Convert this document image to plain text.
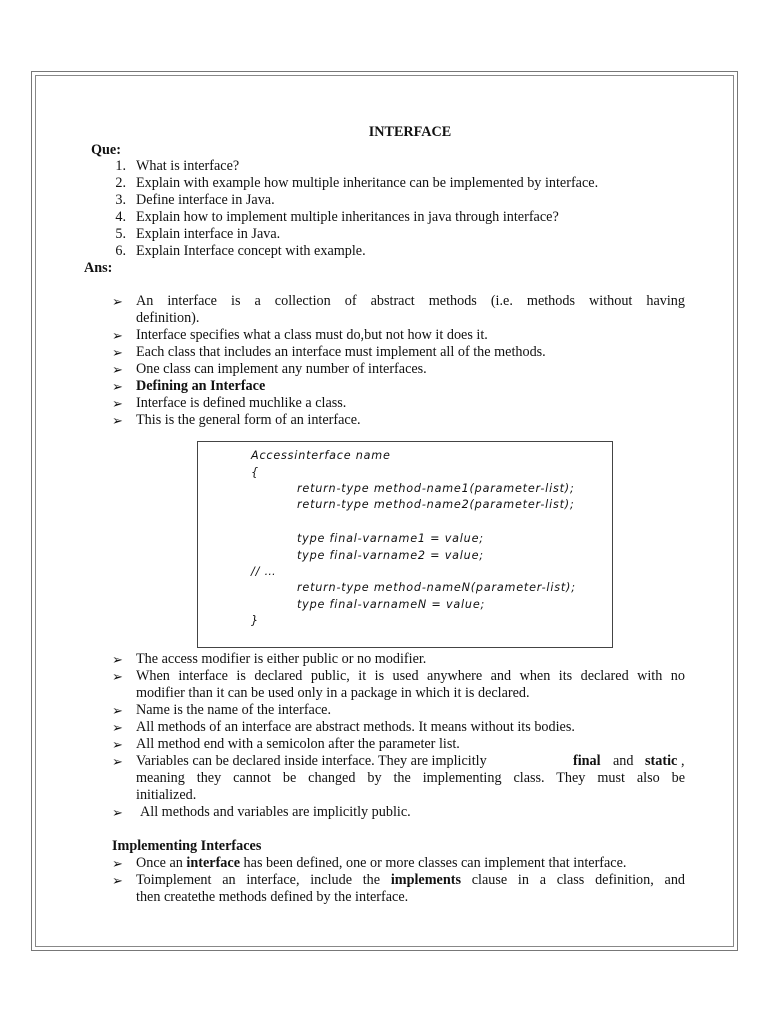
INTERFACE
Que:
1. What is interface?
2. Explain with example how multiple inheritance can be implemented by interface.
3. Define interface in Java.
4. Explain how to implement multiple inheritances in java through interface?
5. Explain interface in Java.
6. Explain Interface concept with example.
Ans:
➢ An interface is a collection of abstract methods (i.e. methods without having
definition).
➢ Interface specifies what a class must do,but not how it does it.
➢ Each class that includes an interface must implement all of the methods.
➢ One class can implement any number of interfaces.
➢ Defining an Interface
➢ Interface is defined muchlike a class.
➢ This is the general form of an interface.
Accessinterface name
{
return-type method-name1(parameter-list);
return-type method-name2(parameter-list);
type final-varname1 = value;
type final-varname2 = value;
// …
return-type method-nameN(parameter-list);
type final-varnameN = value;
}
➢ The access modifier is either public or no modifier.
➢ When interface is declared public, it is used anywhere and when its declared with no
modifier than it can be used only in a package in which it is declared.
➢ Name is the name of the interface.
➢ All methods of an interface are abstract methods. It means without its bodies.
➢ All method end with a semicolon after the parameter list.
➢ Variables can be declared inside interface. They are implicitly	final and static ,
meaning they cannot be changed by the implementing class. They must also be
initialized.
➢ All methods and variables are implicitly public.
Implementing Interfaces
➢ Once an interface has been defined, one or more classes can implement that interface.
➢ Toimplement an interface, include the implements clause in a class definition, and
then createthe methods defined by the interface.
